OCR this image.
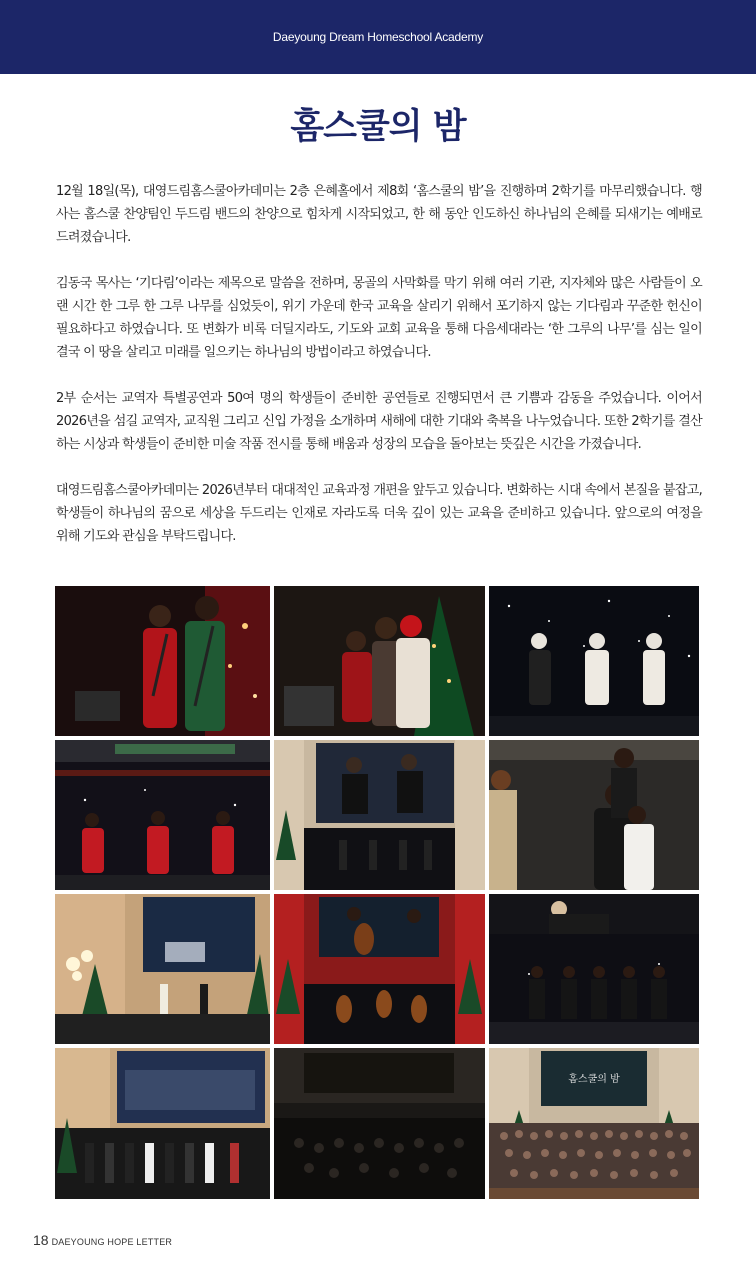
Daeyoung Dream Homeschool Academy
홈스쿨의 밤

12월 18일(목), 대영드림홈스쿨아카데미는 2층 은혜홀에서 제8회 ‘홈스쿨의 밤’을 진행하며 2학기를 마무리했습니다. 행사는 홈스쿨 찬양팀인 두드림 밴드의 찬양으로 힘차게 시작되었고, 한 해 동안 인도하신 하나님의 은혜를 되새기는 예배로 드려졌습니다.

김동국 목사는 ‘기다림’이라는 제목으로 말씀을 전하며, 몽골의 사막화를 막기 위해 여러 기관, 지자체와 많은 사람들이 오랜 시간 한 그루 한 그루 나무를 심었듯이, 위기 가운데 한국 교육을 살리기 위해서 포기하지 않는 기다림과 꾸준한 헌신이 필요하다고 하였습니다. 또 변화가 비록 더딜지라도, 기도와 교회 교육을 통해 다음세대라는 ‘한 그루의 나무’를 심는 일이 결국 이 땅을 살리고 미래를 일으키는 하나님의 방법이라고 하였습니다.

2부 순서는 교역자 특별공연과 50여 명의 학생들이 준비한 공연들로 진행되면서 큰 기쁨과 감동을 주었습니다. 이어서 2026년을 섬길 교역자, 교직원 그리고 신입 가정을 소개하며 새해에 대한 기대와 축복을 나누었습니다. 또한 2학기를 결산하는 시상과 학생들이 준비한 미술 작품 전시를 통해 배움과 성장의 모습을 돌아보는 뜻깊은 시간을 가졌습니다.

대영드림홈스쿨아카데미는 2026년부터 대대적인 교육과정 개편을 앞두고 있습니다. 변화하는 시대 속에서 본질을 붙잡고, 학생들이 하나님의 꿈으로 세상을 두드리는 인재로 자라도록 더욱 깊이 있는 교육을 준비하고 있습니다. 앞으로의 여정을 위해 기도와 관심을 부탁드립니다.

홈스쿨의 밤
18 DAEYOUNG HOPE LETTER
